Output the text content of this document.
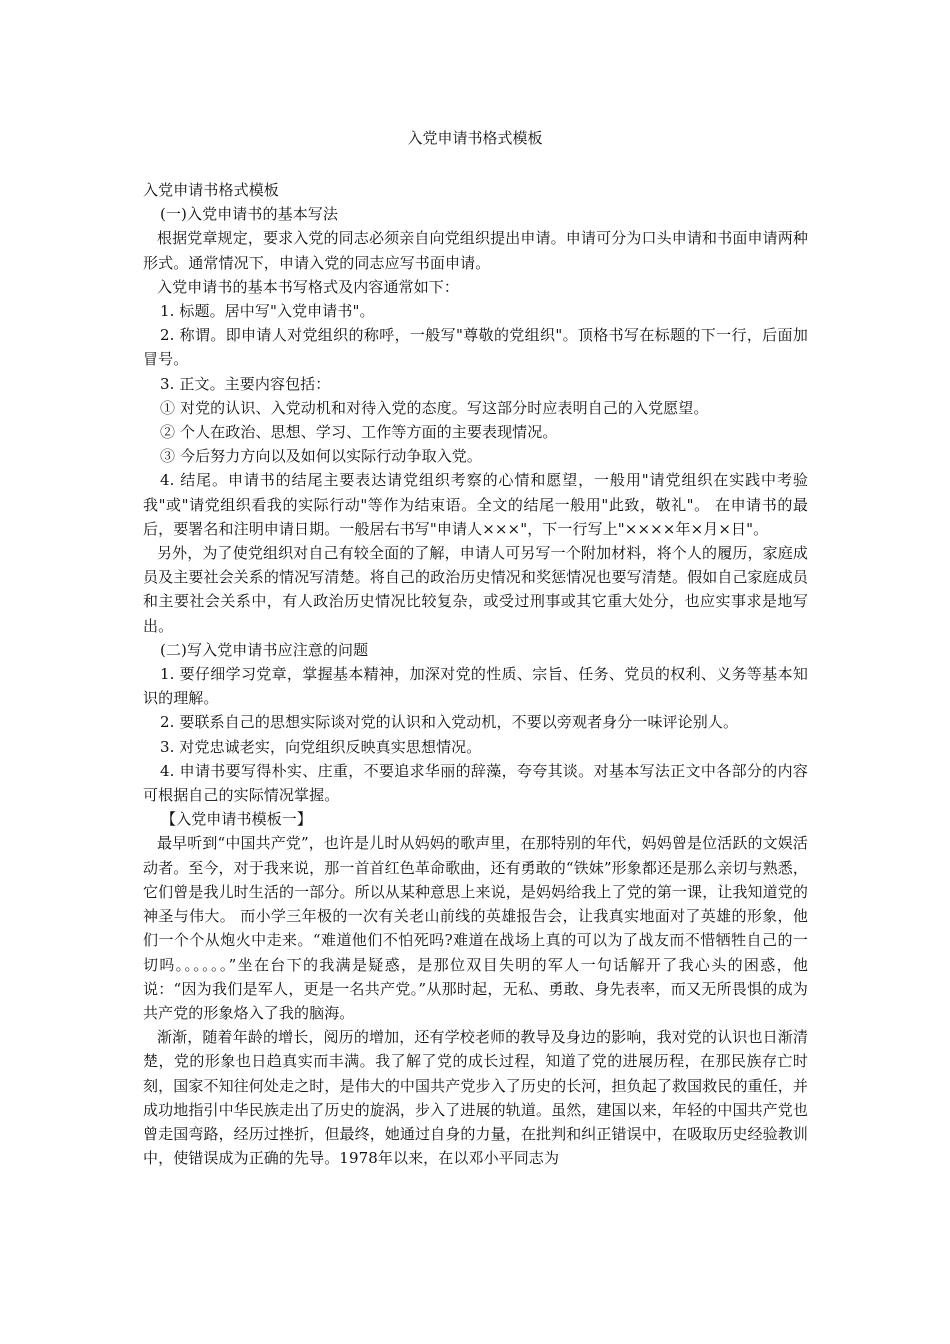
入党申请书格式模板

入党申请书格式模板

(一)入党申请书的基本写法

根据党章规定，要求入党的同志必须亲自向党组织提出申请。申请可分为口头申请和书面申请两种形式。通常情况下，申请入党的同志应写书面申请。

入党申请书的基本书写格式及内容通常如下：

1. 标题。居中写"入党申请书"。

2. 称谓。即申请人对党组织的称呼，一般写"尊敬的党组织"。顶格书写在标题的下一行，后面加冒号。

3. 正文。主要内容包括：

① 对党的认识、入党动机和对待入党的态度。写这部分时应表明自己的入党愿望。

② 个人在政治、思想、学习、工作等方面的主要表现情况。

③ 今后努力方向以及如何以实际行动争取入党。

4. 结尾。申请书的结尾主要表达请党组织考察的心情和愿望，一般用"请党组织在实践中考验我"或"请党组织看我的实际行动"等作为结束语。全文的结尾一般用"此致，敬礼"。 在申请书的最后，要署名和注明申请日期。一般居右书写"申请人×××"，下一行写上"××××年×月×日"。

另外，为了使党组织对自己有较全面的了解，申请人可另写一个附加材料，将个人的履历，家庭成员及主要社会关系的情况写清楚。将自己的政治历史情况和奖惩情况也要写清楚。假如自己家庭成员和主要社会关系中，有人政治历史情况比较复杂，或受过刑事或其它重大处分，也应实事求是地写出。

(二)写入党申请书应注意的问题

1. 要仔细学习党章，掌握基本精神，加深对党的性质、宗旨、任务、党员的权利、义务等基本知识的理解。

2. 要联系自己的思想实际谈对党的认识和入党动机，不要以旁观者身分一味评论别人。

3. 对党忠诚老实，向党组织反映真实思想情况。

4. 申请书要写得朴实、庄重，不要追求华丽的辞藻，夸夸其谈。对基本写法正文中各部分的内容可根据自己的实际情况掌握。

【入党申请书模板一】

最早听到“中国共产党”，也许是儿时从妈妈的歌声里，在那特别的年代，妈妈曾是位活跃的文娱活动者。至今，对于我来说，那一首首红色革命歌曲，还有勇敢的“铁妹”形象都还是那么亲切与熟悉，它们曾是我儿时生活的一部分。所以从某种意思上来说，是妈妈给我上了党的第一课，让我知道党的神圣与伟大。 而小学三年极的一次有关老山前线的英雄报告会，让我真实地面对了英雄的形象，他们一个个从炮火中走来。“难道他们不怕死吗?难道在战场上真的可以为了战友而不惜牺牲自己的一切吗。。。。。。”坐在台下的我满是疑惑，是那位双目失明的军人一句话解开了我心头的困惑，他说：“因为我们是军人，更是一名共产党。”从那时起，无私、勇敢、身先表率，而又无所畏惧的成为共产党的形象烙入了我的脑海。

渐渐，随着年龄的增长，阅历的增加，还有学校老师的教导及身边的影响，我对党的认识也日渐清楚，党的形象也日趋真实而丰满。我了解了党的成长过程，知道了党的进展历程，在那民族存亡时刻，国家不知往何处走之时，是伟大的中国共产党步入了历史的长河，担负起了救国救民的重任，并成功地指引中华民族走出了历史的旋涡，步入了进展的轨道。虽然，建国以来，年轻的中国共产党也曾走国弯路，经历过挫折，但最终，她通过自身的力量，在批判和纠正错误中，在吸取历史经验教训中，使错误成为正确的先导。1978年以来，在以邓小平同志为
